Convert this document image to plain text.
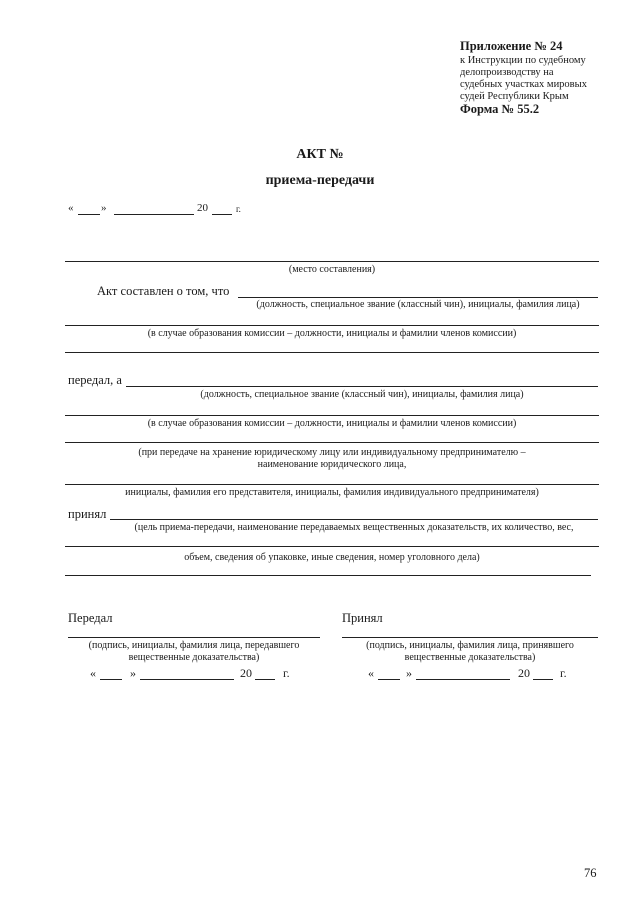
Приложение № 24
к Инструкции по судебному
делопроизводству на
судебных участках мировых
судей Республики Крым
Форма № 55.2
АКТ №
приема-передачи
«	»	20	г.
(место составления)
Акт составлен о том, что
(должность, специальное звание (классный чин), инициалы, фамилия лица)
(в случае образования комиссии – должности, инициалы и фамилии членов комиссии)
передал, а
(должность, специальное звание (классный чин), инициалы, фамилия лица)
(в случае образования комиссии – должности, инициалы и фамилии членов комиссии)
(при передаче на хранение юридическому лицу или индивидуальному предпринимателю –
наименование юридического лица,
инициалы, фамилия его представителя, инициалы, фамилия индивидуального предпринимателя)
принял
(цель приема-передачи, наименование передаваемых вещественных доказательств, их количество, вес,
объем, сведения об упаковке, иные сведения, номер уголовного дела)
Передал
(подпись, инициалы, фамилия лица, передавшего
вещественные доказательства)
«	»	20	г.
Принял
(подпись, инициалы, фамилия лица, принявшего
вещественные доказательства)
«	»	20	г.
76
